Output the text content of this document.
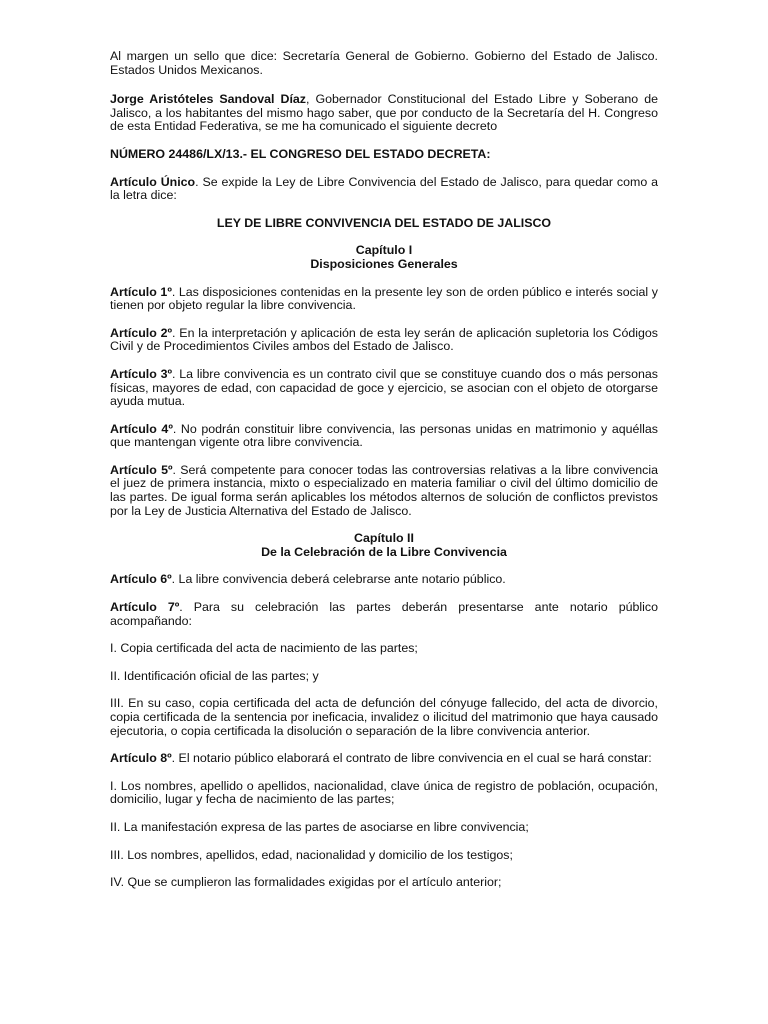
Al margen un sello que dice: Secretaría General de Gobierno. Gobierno del Estado de Jalisco. Estados Unidos Mexicanos.

Jorge Aristóteles Sandoval Díaz, Gobernador Constitucional del Estado Libre y Soberano de Jalisco, a los habitantes del mismo hago saber, que por conducto de la Secretaría del H. Congreso de esta Entidad Federativa, se me ha comunicado el siguiente decreto

NÚMERO 24486/LX/13.- EL CONGRESO DEL ESTADO DECRETA:

Artículo Único. Se expide la Ley de Libre Convivencia del Estado de Jalisco, para quedar como a la letra dice:

LEY DE LIBRE CONVIVENCIA DEL ESTADO DE JALISCO
Capítulo I
Disposiciones Generales

Artículo 1º. Las disposiciones contenidas en la presente ley son de orden público e interés social y tienen por objeto regular la libre convivencia.

Artículo 2º. En la interpretación y aplicación de esta ley serán de aplicación supletoria los Códigos Civil y de Procedimientos Civiles ambos del Estado de Jalisco.

Artículo 3º. La libre convivencia es un contrato civil que se constituye cuando dos o más personas físicas, mayores de edad, con capacidad de goce y ejercicio, se asocian con el objeto de otorgarse ayuda mutua.

Artículo 4º. No podrán constituir libre convivencia, las personas unidas en matrimonio y aquéllas que mantengan vigente otra libre convivencia.

Artículo 5º. Será competente para conocer todas las controversias relativas a la libre convivencia el juez de primera instancia, mixto o especializado en materia familiar o civil del último domicilio de las partes. De igual forma serán aplicables los métodos alternos de solución de conflictos previstos por la Ley de Justicia Alternativa del Estado de Jalisco.

Capítulo II
De la Celebración de la Libre Convivencia

Artículo 6º. La libre convivencia deberá celebrarse ante notario público.

Artículo 7º. Para su celebración las partes deberán presentarse ante notario público acompañando:

I. Copia certificada del acta de nacimiento de las partes;

II. Identificación oficial de las partes; y

III. En su caso, copia certificada del acta de defunción del cónyuge fallecido, del acta de divorcio, copia certificada de la sentencia por ineficacia, invalidez o ilicitud del matrimonio que haya causado ejecutoria, o copia certificada la disolución o separación de la libre convivencia anterior.

Artículo 8º. El notario público elaborará el contrato de libre convivencia en el cual se hará constar:

I. Los nombres, apellido o apellidos, nacionalidad, clave única de registro de población, ocupación, domicilio, lugar y fecha de nacimiento de las partes;

II. La manifestación expresa de las partes de asociarse en libre convivencia;

III. Los nombres, apellidos, edad, nacionalidad y domicilio de los testigos;

IV. Que se cumplieron las formalidades exigidas por el artículo anterior;
